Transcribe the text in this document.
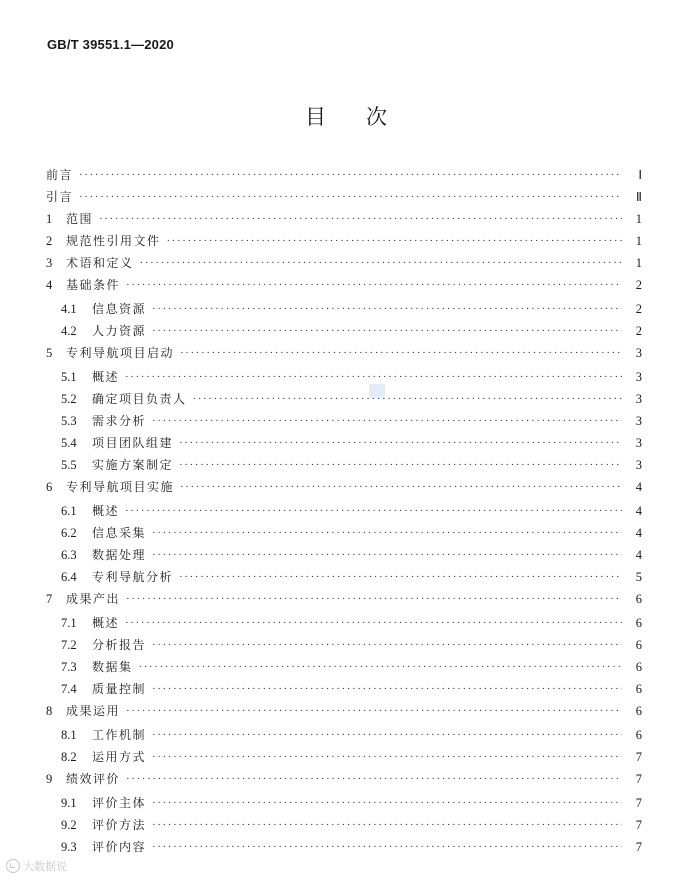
GB/T 39551.1—2020
目次
前言 ·····	Ⅰ
引言 ·····	Ⅱ
1	范围 ·····	1
2	规范性引用文件 ·····	1
3	术语和定义 ·····	1
4	基础条件 ·····	2
4.1	信息资源 ·····	2
4.2	人力资源 ·····	2
5	专利导航项目启动 ·····	3
5.1	概述 ·····	3
5.2	确定项目负责人 ·····	3
5.3	需求分析 ·····	3
5.4	项目团队组建 ·····	3
5.5	实施方案制定 ·····	3
6	专利导航项目实施 ·····	4
6.1	概述 ·····	4
6.2	信息采集 ·····	4
6.3	数据处理 ·····	4
6.4	专利导航分析 ·····	5
7	成果产出 ·····	6
7.1	概述 ·····	6
7.2	分析报告 ·····	6
7.3	数据集 ·····	6
7.4	质量控制 ·····	6
8	成果运用 ·····	6
8.1	工作机制 ·····	6
8.2	运用方式 ·····	7
9	绩效评价 ·····	7
9.1	评价主体 ·····	7
9.2	评价方法 ·····	7
9.3	评价内容 ·····	7
大数据说
